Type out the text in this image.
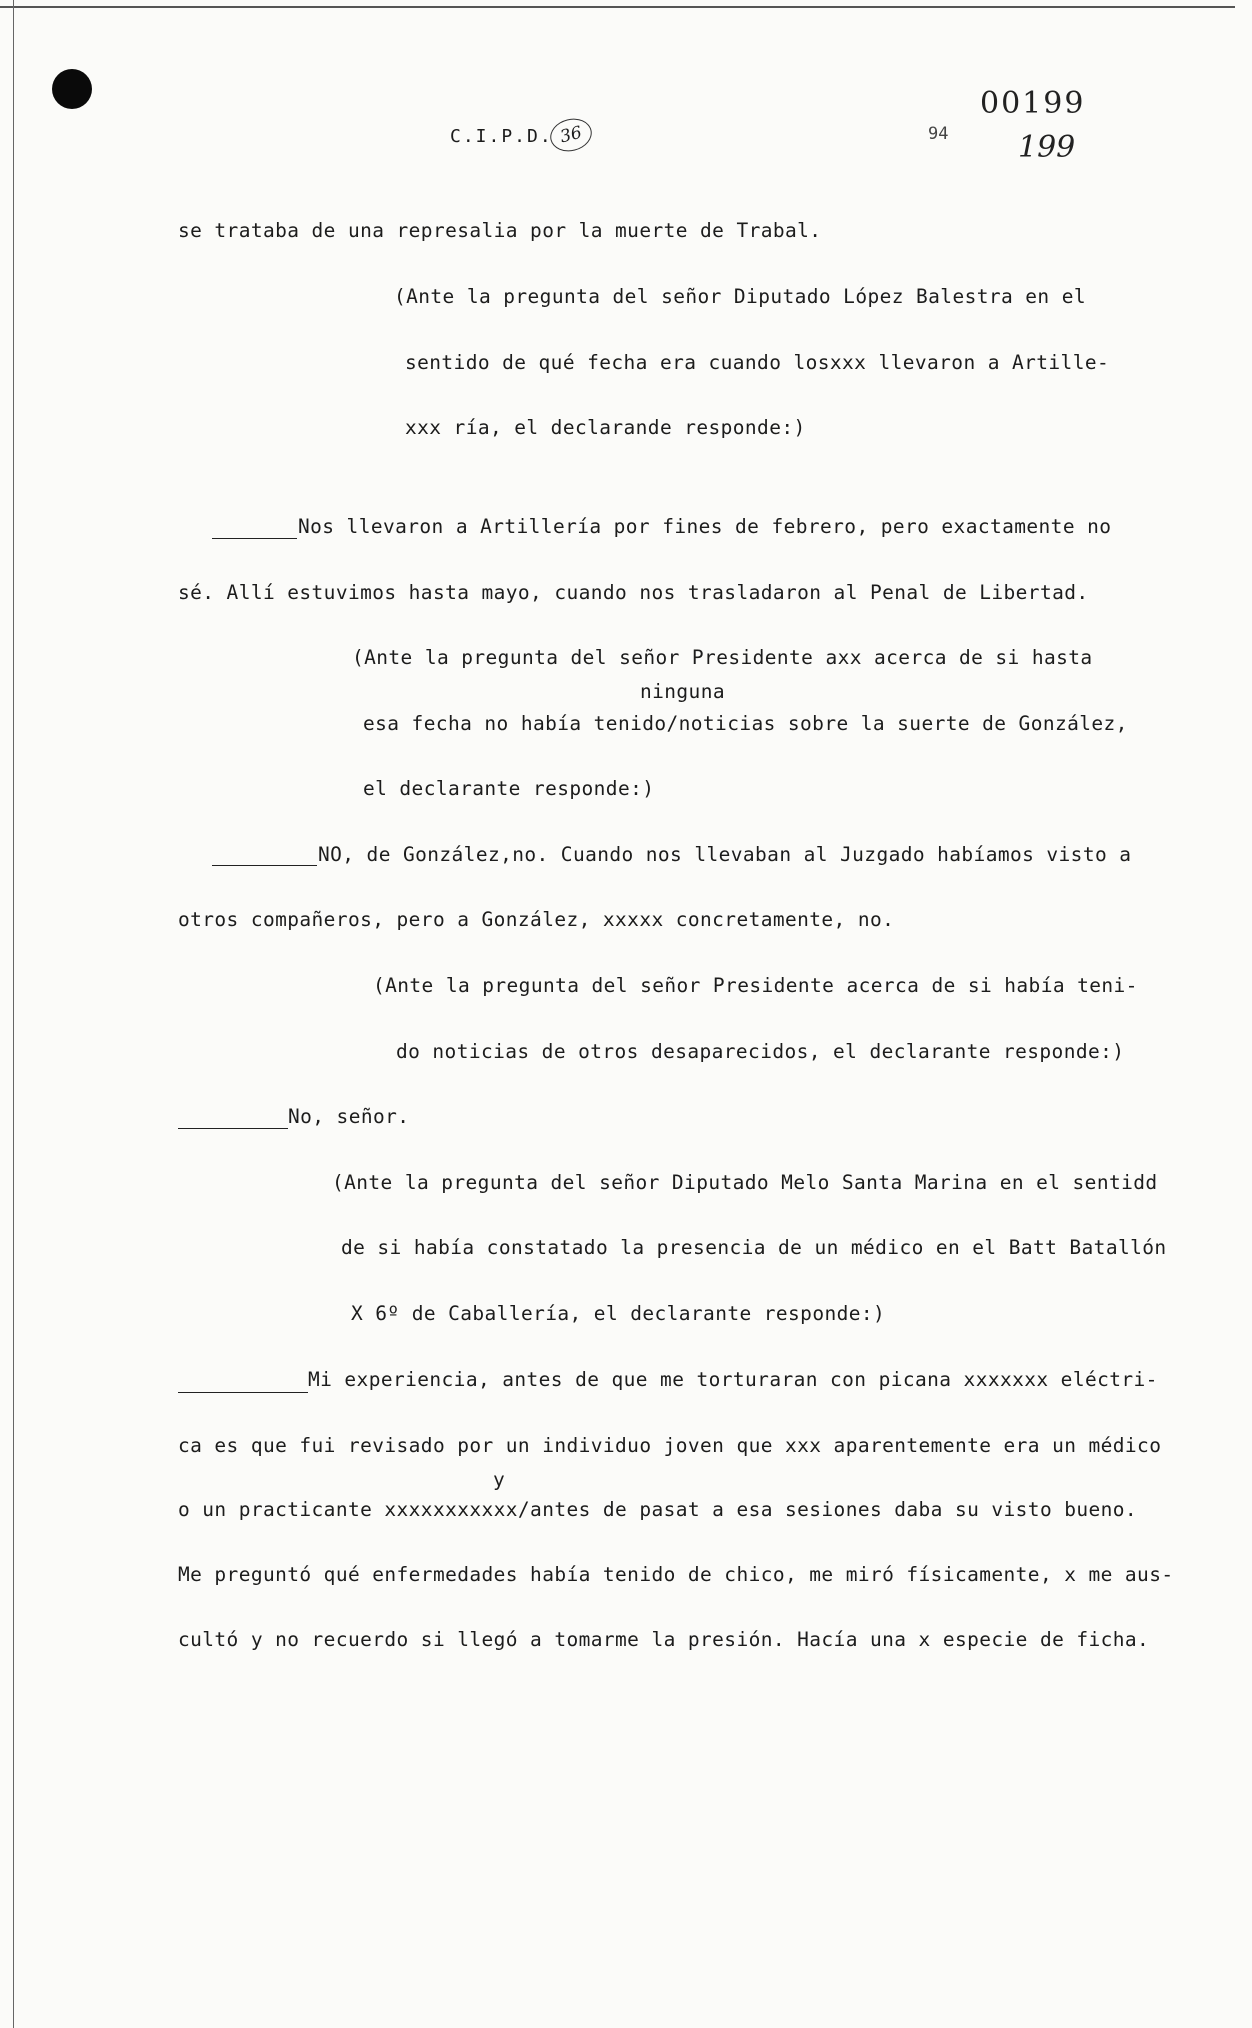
C.I.P.D. 36	94
00199
199
se trataba de una represalia por la muerte de Trabal.
(Ante la pregunta del señor Diputado López Balestra en el
sentido de qué fecha era cuando losxxx llevaron a Artille-
xxx ría, el declarande responde:)
Nos llevaron a Artillería por fines de febrero, pero exactamente no
sé. Allí estuvimos hasta mayo, cuando nos trasladaron al Penal de Libertad.
(Ante la pregunta del señor Presidente axx acerca de si hasta
ninguna
esa fecha no había tenido/noticias sobre la suerte de González,
el declarante responde:)
NO, de González,no. Cuando nos llevaban al Juzgado habíamos visto a
otros compañeros, pero a González, xxxxx concretamente, no.
(Ante la pregunta del señor Presidente acerca de si había teni-
do noticias de otros desaparecidos, el declarante responde:)
No, señor.
(Ante la pregunta del señor Diputado Melo Santa Marina en el sentidd
de si había constatado la presencia de un médico en el Batt Batallón
X 6º de Caballería, el declarante responde:)
Mi experiencia, antes de que me torturaran con picana xxxxxxx eléctri-
ca es que fui revisado por un individuo joven que xxx aparentemente era un médico
y
o un practicante xxxxxxxxxxx/antes de pasat a esa sesiones daba su visto bueno.
Me preguntó qué enfermedades había tenido de chico, me miró físicamente, x me aus-
cultó y no recuerdo si llegó a tomarme la presión. Hacía una x especie de ficha.
